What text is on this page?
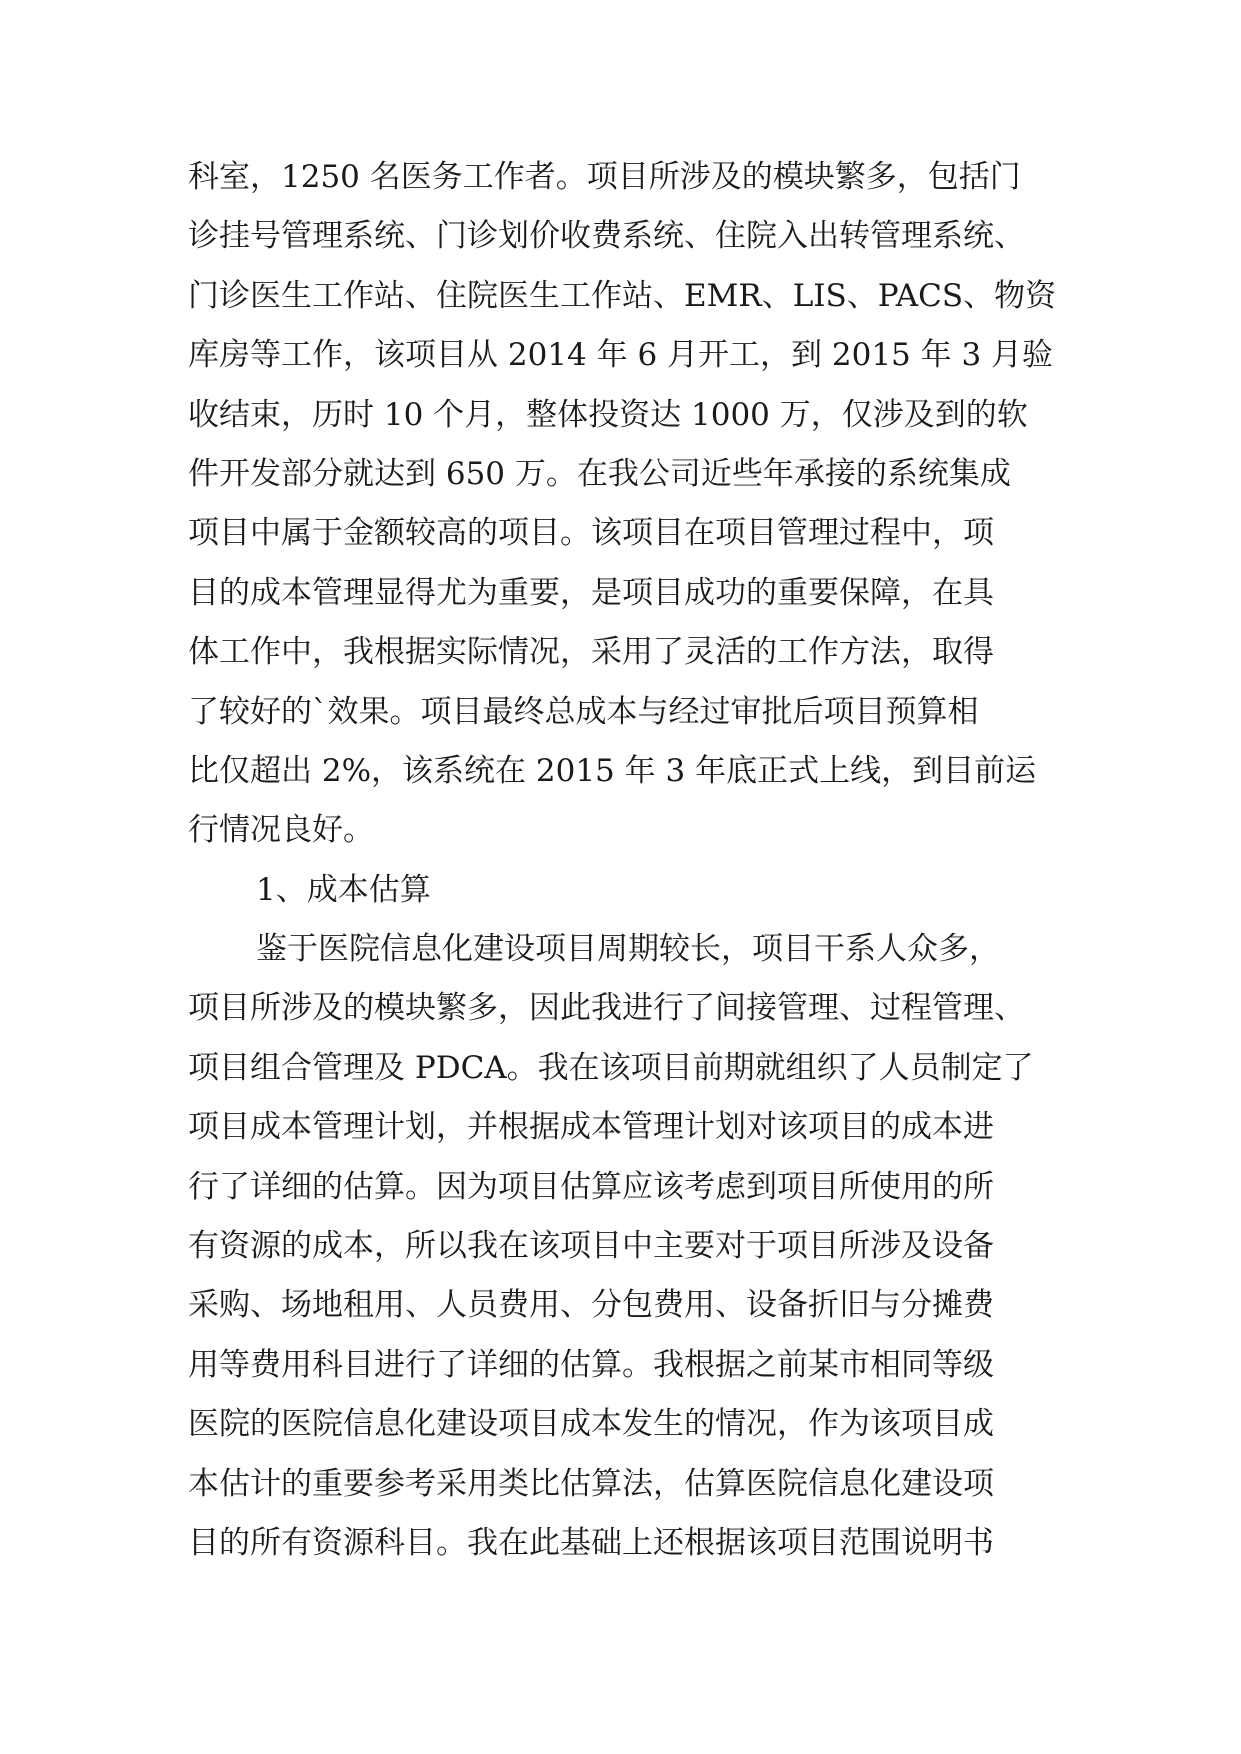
科室，1250 名医务工作者。项目所涉及的模块繁多，包括门
诊挂号管理系统、门诊划价收费系统、住院入出转管理系统、
门诊医生工作站、住院医生工作站、EMR、LIS、PACS、物资
库房等工作，该项目从 2014 年 6 月开工，到 2015 年 3 月验
收结束，历时 10 个月，整体投资达 1000 万，仅涉及到的软
件开发部分就达到 650 万。在我公司近些年承接的系统集成
项目中属于金额较高的项目。该项目在项目管理过程中，项
目的成本管理显得尤为重要，是项目成功的重要保障，在具
体工作中，我根据实际情况，采用了灵活的工作方法，取得
了较好的`效果。项目最终总成本与经过审批后项目预算相
比仅超出 2%，该系统在 2015 年 3 年底正式上线，到目前运
行情况良好。
1、成本估算
鉴于医院信息化建设项目周期较长，项目干系人众多，
项目所涉及的模块繁多，因此我进行了间接管理、过程管理、
项目组合管理及 PDCA。我在该项目前期就组织了人员制定了
项目成本管理计划，并根据成本管理计划对该项目的成本进
行了详细的估算。因为项目估算应该考虑到项目所使用的所
有资源的成本，所以我在该项目中主要对于项目所涉及设备
采购、场地租用、人员费用、分包费用、设备折旧与分摊费
用等费用科目进行了详细的估算。我根据之前某市相同等级
医院的医院信息化建设项目成本发生的情况，作为该项目成
本估计的重要参考采用类比估算法，估算医院信息化建设项
目的所有资源科目。我在此基础上还根据该项目范围说明书
